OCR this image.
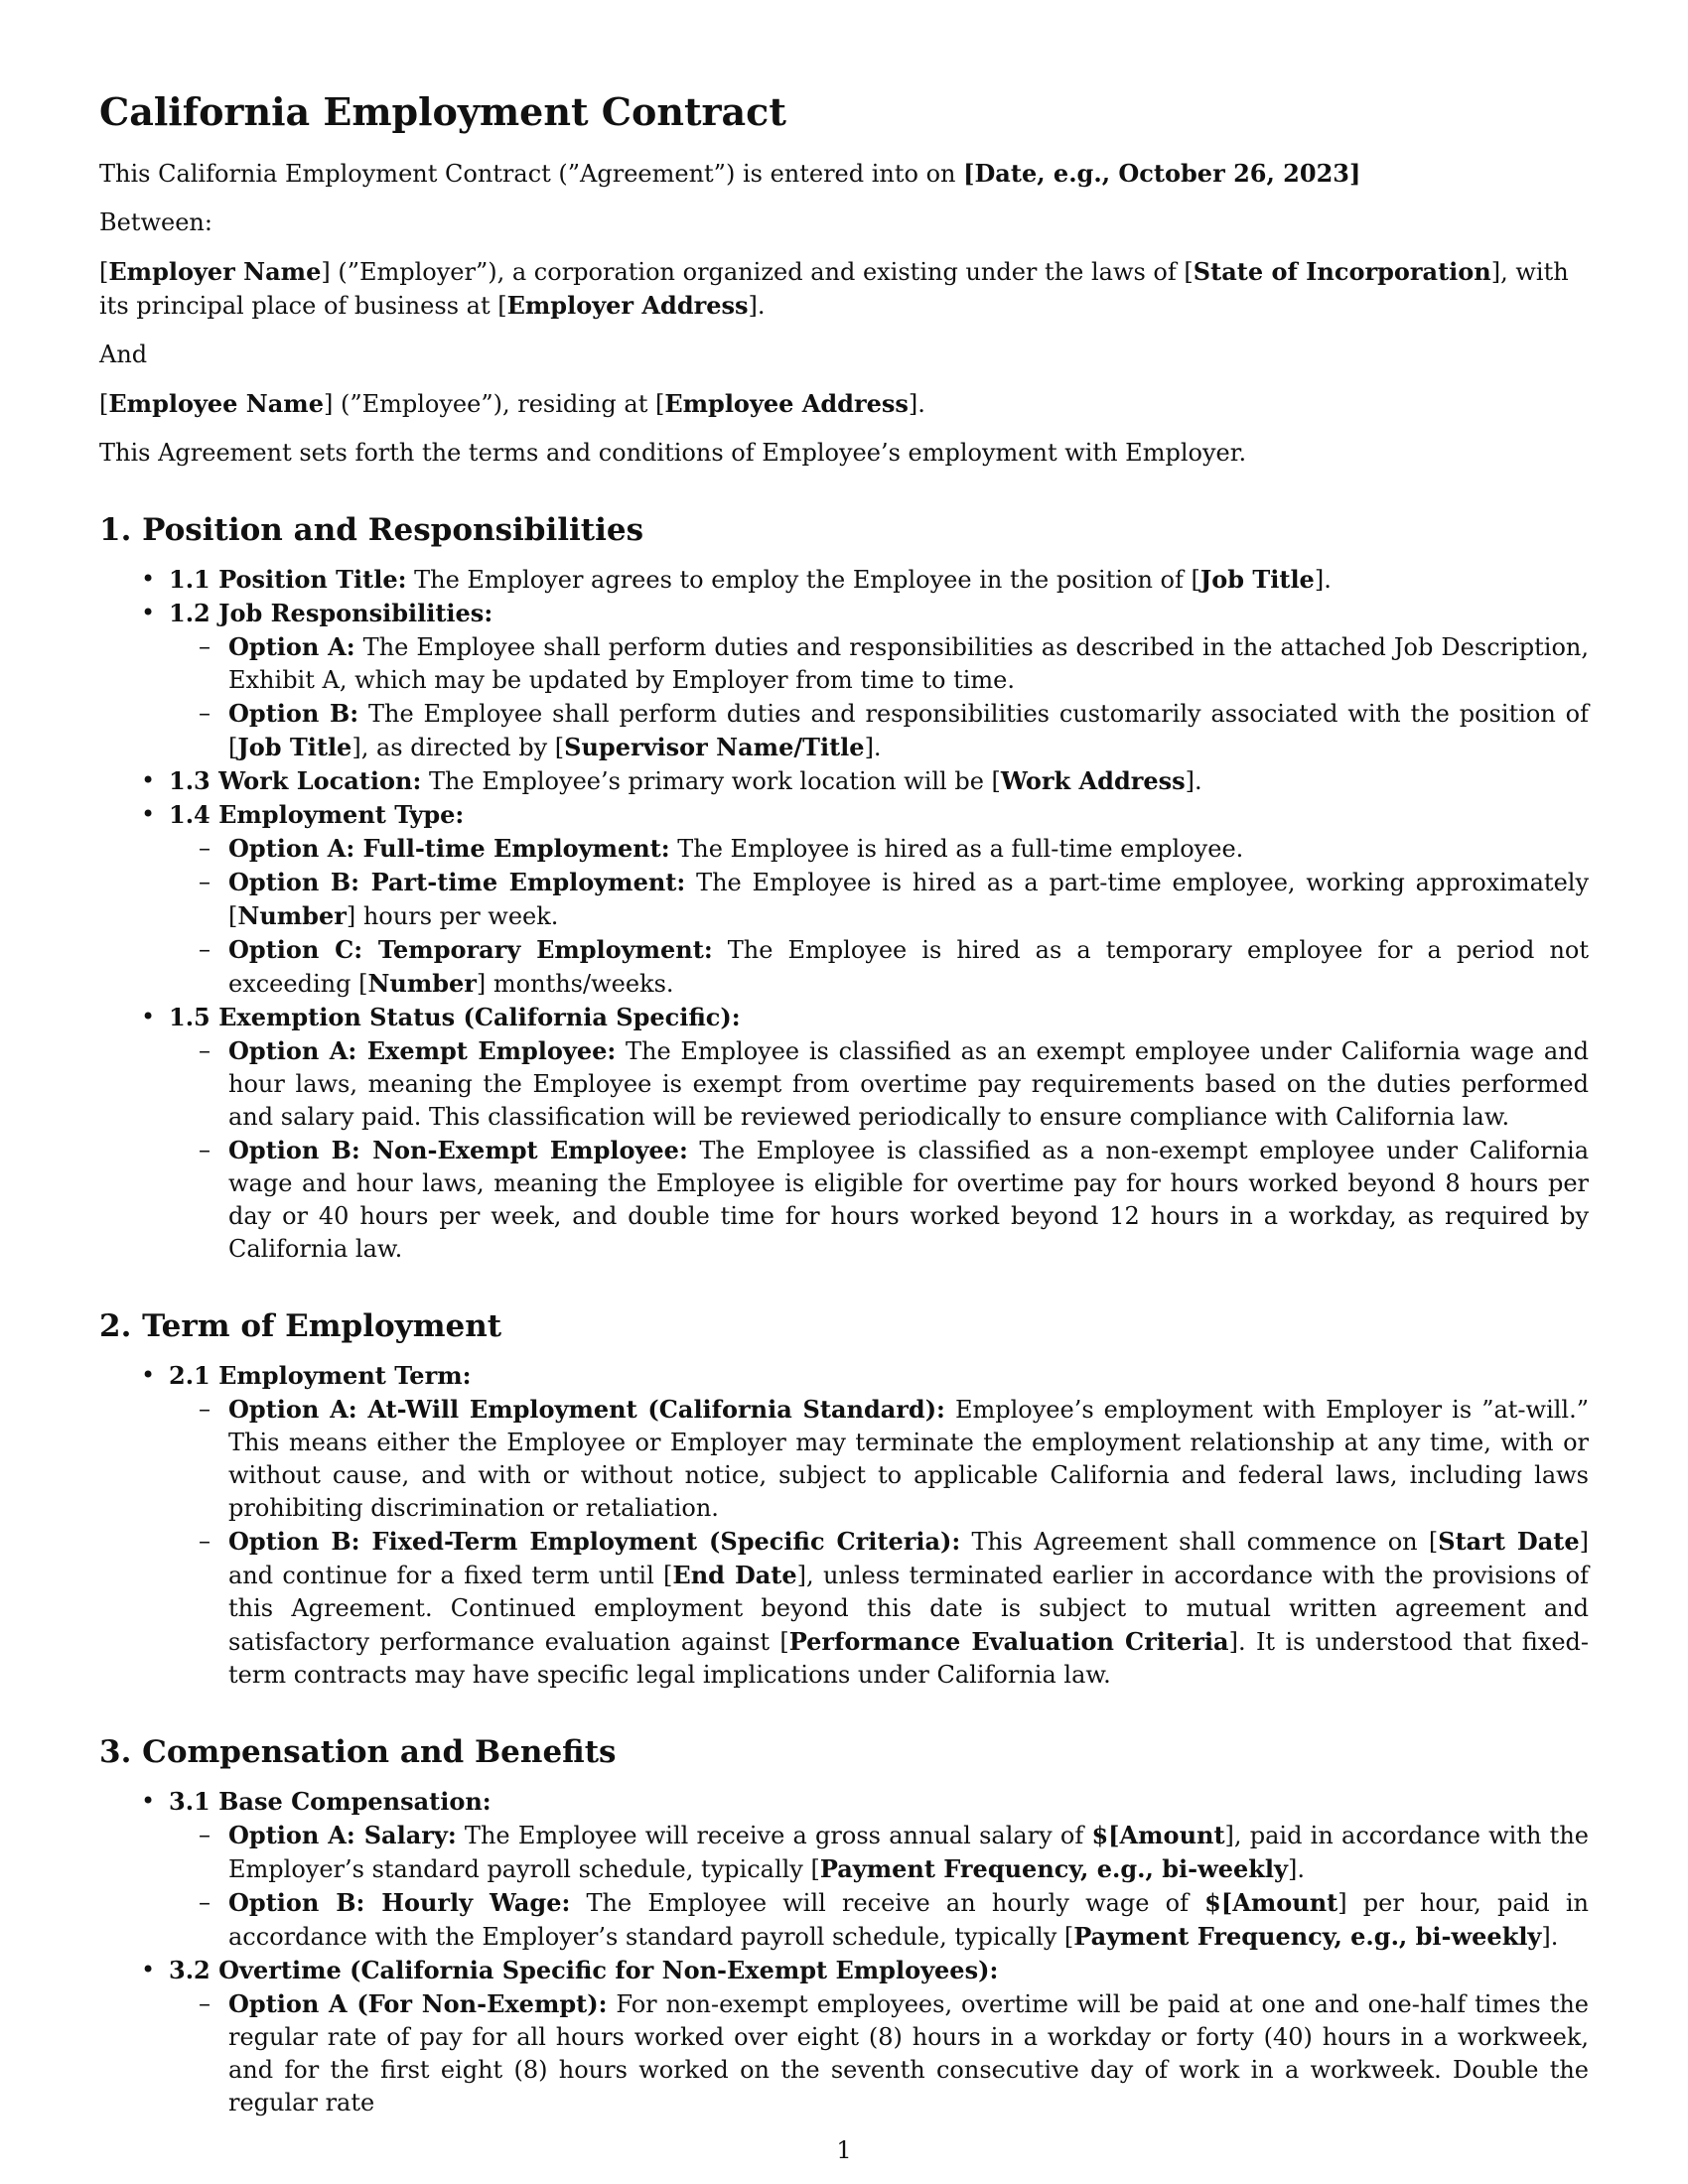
California Employment Contract

This California Employment Contract (”Agreement”) is entered into on [Date, e.g., October 26, 2023]

Between:

[Employer Name] (”Employer”), a corporation organized and existing under the laws of [State of Incorporation], with its principal place of business at [Employer Address].

And

[Employee Name] (”Employee”), residing at [Employee Address].

This Agreement sets forth the terms and conditions of Employee’s employment with Employer.

1. Position and Responsibilities
• 1.1 Position Title: The Employer agrees to employ the Employee in the position of [Job Title].
• 1.2 Job Responsibilities:
– Option A: The Employee shall perform duties and responsibilities as described in the attached Job Description, Exhibit A, which may be updated by Employer from time to time.
– Option B: The Employee shall perform duties and responsibilities customarily associated with the position of [Job Title], as directed by [Supervisor Name/Title].
• 1.3 Work Location: The Employee’s primary work location will be [Work Address].
• 1.4 Employment Type:
– Option A: Full-time Employment: The Employee is hired as a full-time employee.
– Option B: Part-time Employment: The Employee is hired as a part-time employee, working approximately [Number] hours per week.
– Option C: Temporary Employment: The Employee is hired as a temporary employee for a period not exceeding [Number] months/weeks.
• 1.5 Exemption Status (California Specific):
– Option A: Exempt Employee: The Employee is classified as an exempt employee under California wage and hour laws, meaning the Employee is exempt from overtime pay requirements based on the duties performed and salary paid. This classification will be reviewed periodically to ensure compliance with California law.
– Option B: Non-Exempt Employee: The Employee is classified as a non-exempt employee under California wage and hour laws, meaning the Employee is eligible for overtime pay for hours worked beyond 8 hours per day or 40 hours per week, and double time for hours worked beyond 12 hours in a workday, as required by California law.
2. Term of Employment
• 2.1 Employment Term:
– Option A: At-Will Employment (California Standard): Employee’s employment with Employer is ”at-will.” This means either the Employee or Employer may terminate the employment relationship at any time, with or without cause, and with or without notice, subject to applicable California and federal laws, including laws prohibiting discrimination or retaliation.
– Option B: Fixed-Term Employment (Specific Criteria): This Agreement shall commence on [Start Date] and continue for a fixed term until [End Date], unless terminated earlier in accordance with the provisions of this Agreement. Continued employment beyond this date is subject to mutual written agreement and satisfactory performance evaluation against [Performance Evaluation Criteria]. It is understood that fixed-term contracts may have specific legal implications under California law.
3. Compensation and Benefits
• 3.1 Base Compensation:
– Option A: Salary: The Employee will receive a gross annual salary of $[Amount], paid in accordance with the Employer’s standard payroll schedule, typically [Payment Frequency, e.g., bi-weekly].
– Option B: Hourly Wage: The Employee will receive an hourly wage of $[Amount] per hour, paid in accordance with the Employer’s standard payroll schedule, typically [Payment Frequency, e.g., bi-weekly].
• 3.2 Overtime (California Specific for Non-Exempt Employees):
– Option A (For Non-Exempt): For non-exempt employees, overtime will be paid at one and one-half times the regular rate of pay for all hours worked over eight (8) hours in a workday or forty (40) hours in a workweek, and for the first eight (8) hours worked on the seventh consecutive day of work in a workweek. Double the regular rate
1
